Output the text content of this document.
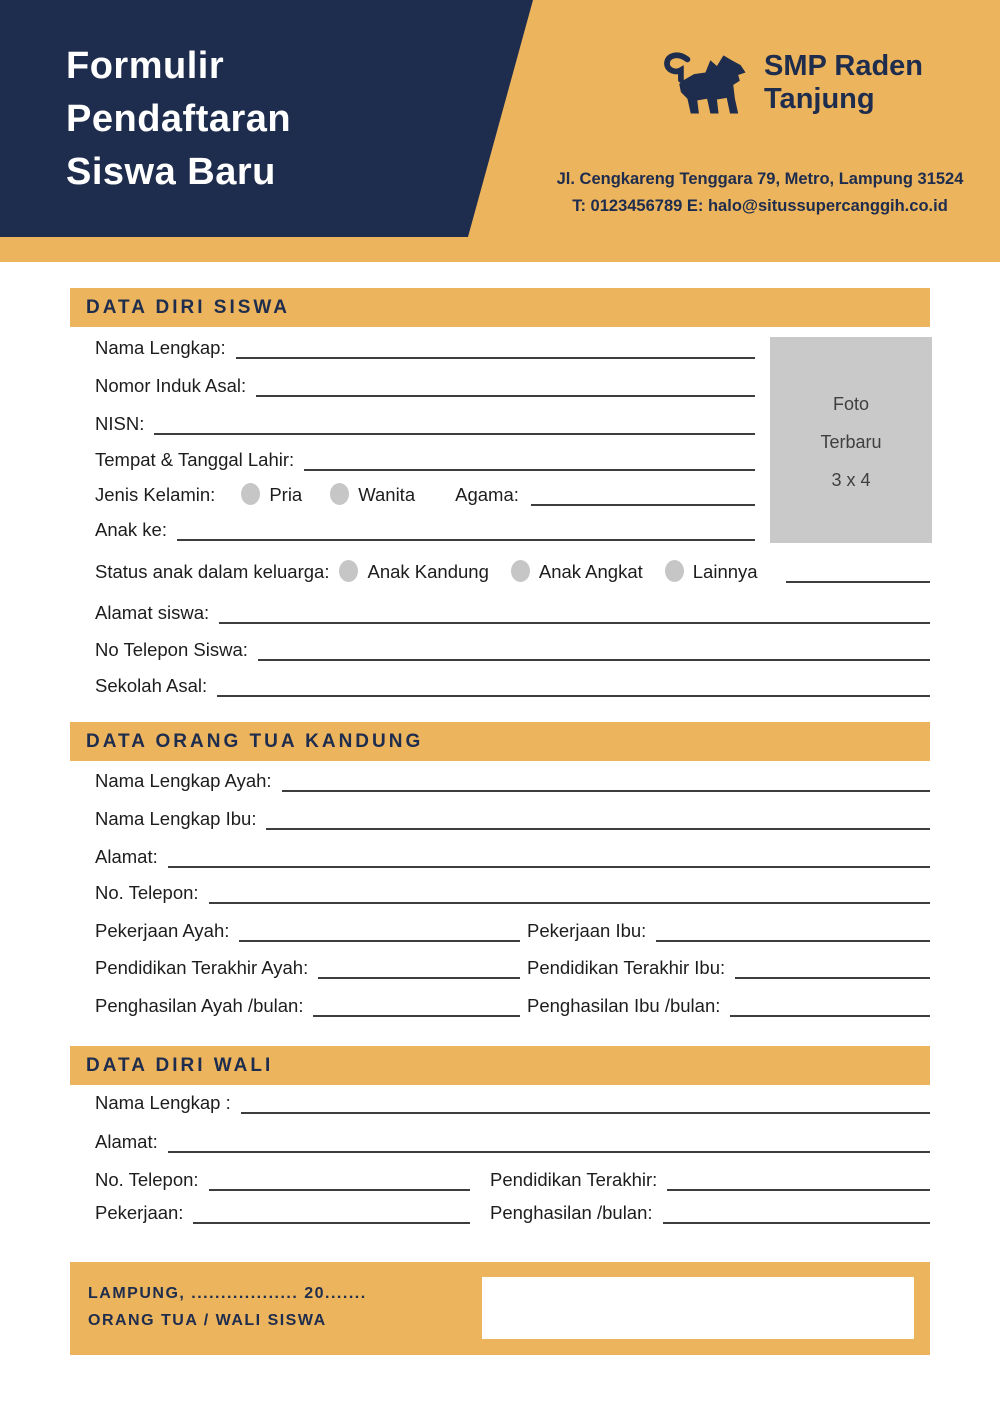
Formulir
Pendaftaran
Siswa Baru
SMP Raden
Tanjung
Jl. Cengkareng Tenggara 79, Metro, Lampung 31524
T: 0123456789 E: halo@situssupercanggih.co.id
DATA DIRI SISWA
Nama Lengkap:
Nomor Induk Asal:
NISN:
Tempat & Tanggal Lahir:
Jenis Kelamin:	Pria	Wanita Agama:
Anak ke:
Status anak dalam keluarga:	Anak Kandung	Anak Angkat	Lainnya
Alamat siswa:
No Telepon Siswa:
Sekolah Asal:
Foto
Terbaru
3 x 4
DATA ORANG TUA KANDUNG
Nama Lengkap Ayah:
Nama Lengkap Ibu:
Alamat:
No. Telepon:
Pekerjaan Ayah:	Pekerjaan Ibu:
Pendidikan Terakhir Ayah:	Pendidikan Terakhir Ibu:
Penghasilan Ayah /bulan:	Penghasilan Ibu /bulan:
DATA DIRI WALI
Nama Lengkap :
Alamat:
No. Telepon:	Pendidikan Terakhir:
Pekerjaan:	Penghasilan /bulan:
LAMPUNG, .................. 20.......
ORANG TUA / WALI SISWA
